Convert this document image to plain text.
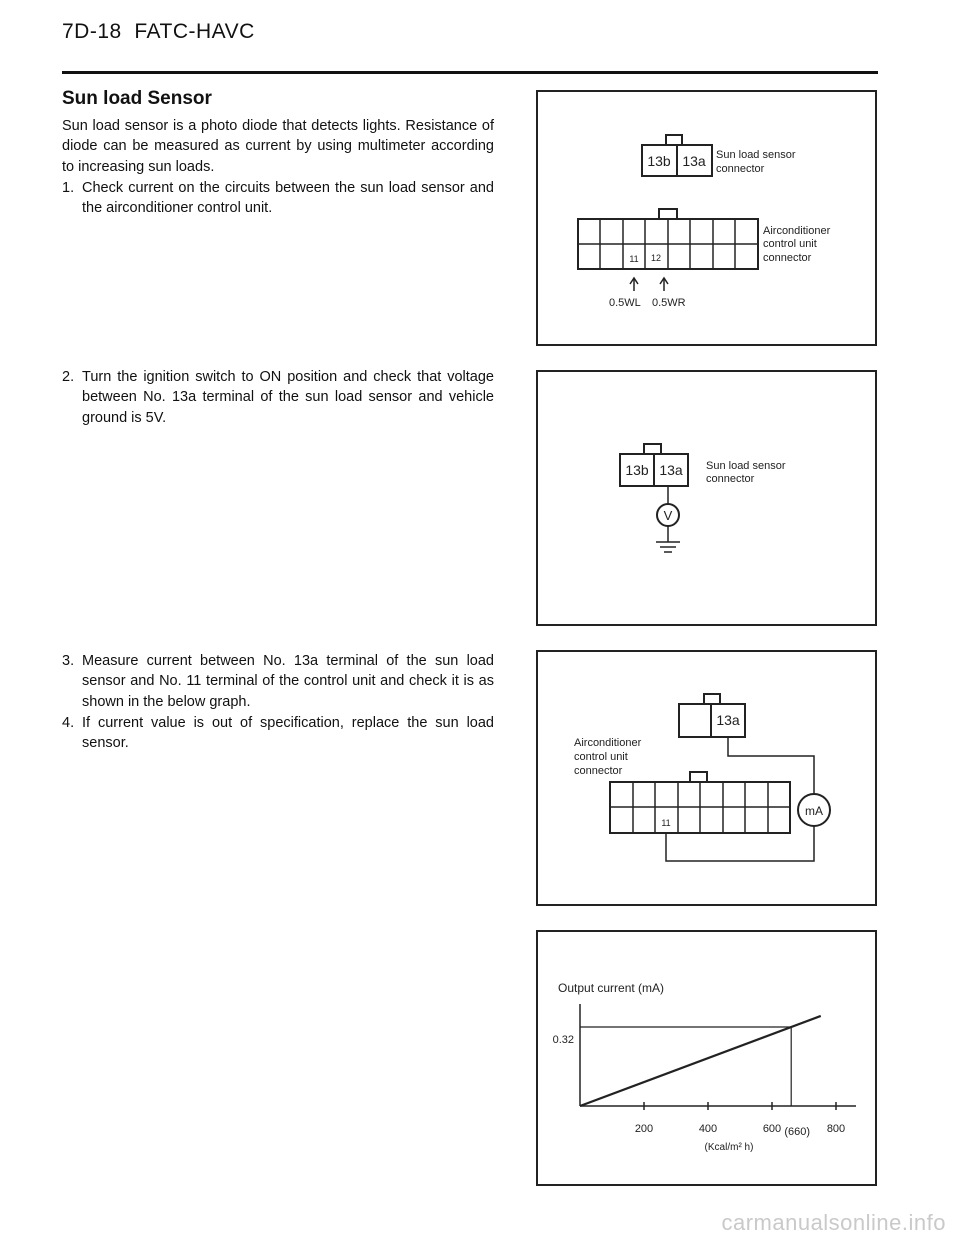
7D-18 FATC-HAVC
Sun load Sensor

Sun load sensor is a photo diode that detects lights. Resistance of diode can be measured as current by using multimeter according to increasing sun loads.

1. Check current on the circuits between the sun load sensor and the airconditioner control unit.
2. Turn the ignition switch to ON position and check that voltage between No. 13a terminal of the sun load sensor and vehicle ground is 5V.
3. Measure current between No. 13a terminal of the sun load sensor and No. 11 terminal of the control unit and check it is as shown in the below graph.
4. If current value is out of specification, replace the sun load sensor.
13b 13a Sun load sensor
connector
11 12
Airconditioner
control unit
connector
0.5WL 0.5WR
13b 13a Sun load sensor
connector
V
13a
Airconditioner
control unit
connector
11
mA
Output current (mA)
(Kcal/m² h)
200	400	600	800
0.32
(660)
carmanualsonline.info
